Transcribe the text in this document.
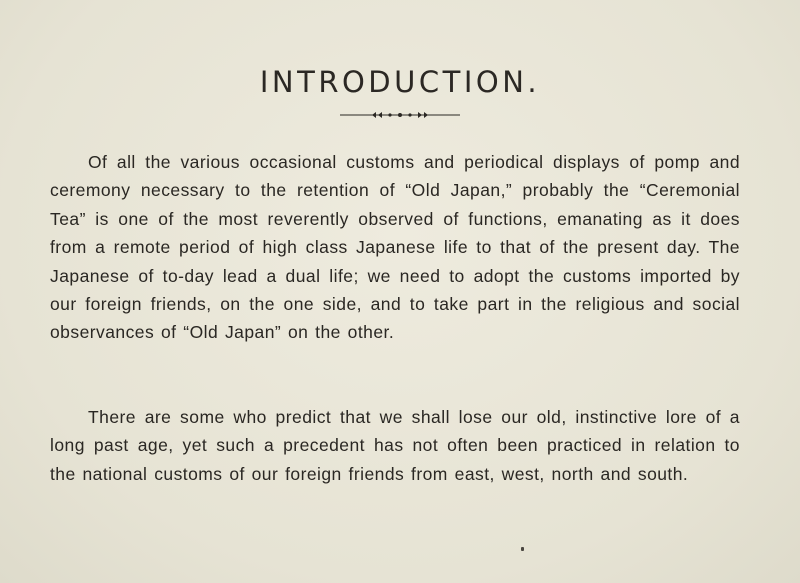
INTRODUCTION.

Of all the various occasional customs and periodical displays of pomp and ceremony necessary to the retention of “Old Japan,” probably the “Ceremonial Tea” is one of the most reverently observed of functions, emanating as it does from a remote period of high class Japanese life to that of the present day. The Japanese of to-day lead a dual life; we need to adopt the customs imported by our foreign friends, on the one side, and to take part in the religious and social observances of “Old Japan” on the other.

There are some who predict that we shall lose our old, instinctive lore of a long past age, yet such a precedent has not often been practiced in relation to the national customs of our foreign friends from east, west, north and south.
